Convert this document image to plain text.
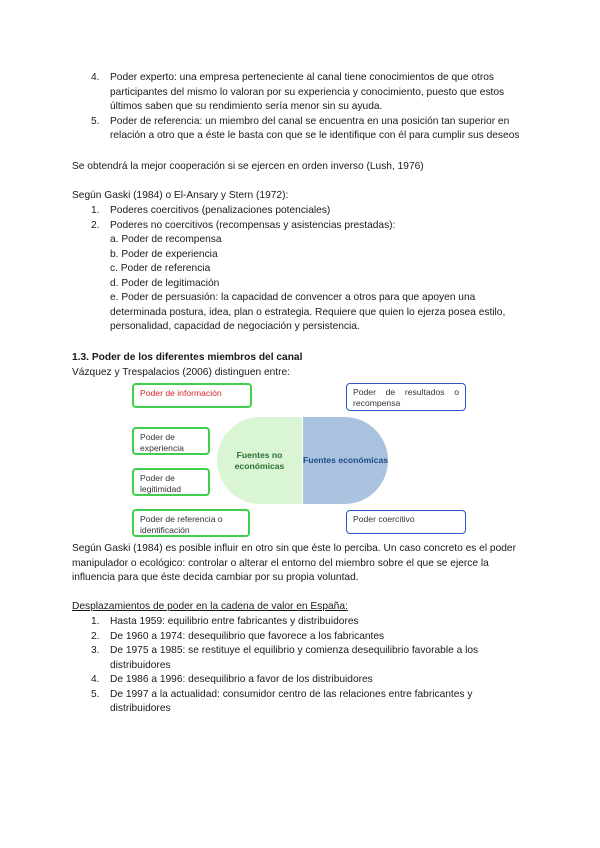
4. Poder experto: una empresa perteneciente al canal tiene conocimientos de que otros participantes del mismo lo valoran por su experiencia y conocimiento, puesto que estos últimos saben que su rendimiento sería menor sin su ayuda.
5. Poder de referencia: un miembro del canal se encuentra en una posición tan superior en relación a otro que a éste le basta con que se le identifique con él para cumplir sus deseos
Se obtendrá la mejor cooperación si se ejercen en orden inverso (Lush, 1976)
Según Gaski (1984) o El-Ansary y Stern (1972):
1. Poderes coercitivos (penalizaciones potenciales)
2. Poderes no coercitivos (recompensas y asistencias prestadas):
a. Poder de recompensa
b. Poder de experiencia
c. Poder de referencia
d. Poder de legitimación
e. Poder de persuasión: la capacidad de convencer a otros para que apoyen una determinada postura, idea, plan o estrategia. Requiere que quien lo ejerza posea estilo, personalidad, capacidad de negociación y persistencia.
1.3. Poder de los diferentes miembros del canal
Vázquez y Trespalacios (2006) distinguen entre:
Fuentes no económicas
Fuentes económicas
Poder de información
Poder de experiencia
Poder de legitimidad
Poder de referencia o identificación
Poder de resultados o recompensa
Poder coercitivo
Según Gaski (1984) es posible influir en otro sin que éste lo perciba. Un caso concreto es el poder manipulador o ecológico: controlar o alterar el entorno del miembro sobre el que se ejerce la influencia para que éste decida cambiar por su propia voluntad.
Desplazamientos de poder en la cadena de valor en España:
1. Hasta 1959: equilibrio entre fabricantes y distribuidores
2. De 1960 a 1974: desequilibrio que favorece a los fabricantes
3. De 1975 a 1985: se restituye el equilibrio y comienza desequilibrio favorable a los distribuidores
4. De 1986 a 1996: desequilibrio a favor de los distribuidores
5. De 1997 a la actualidad: consumidor centro de las relaciones entre fabricantes y distribuidores
